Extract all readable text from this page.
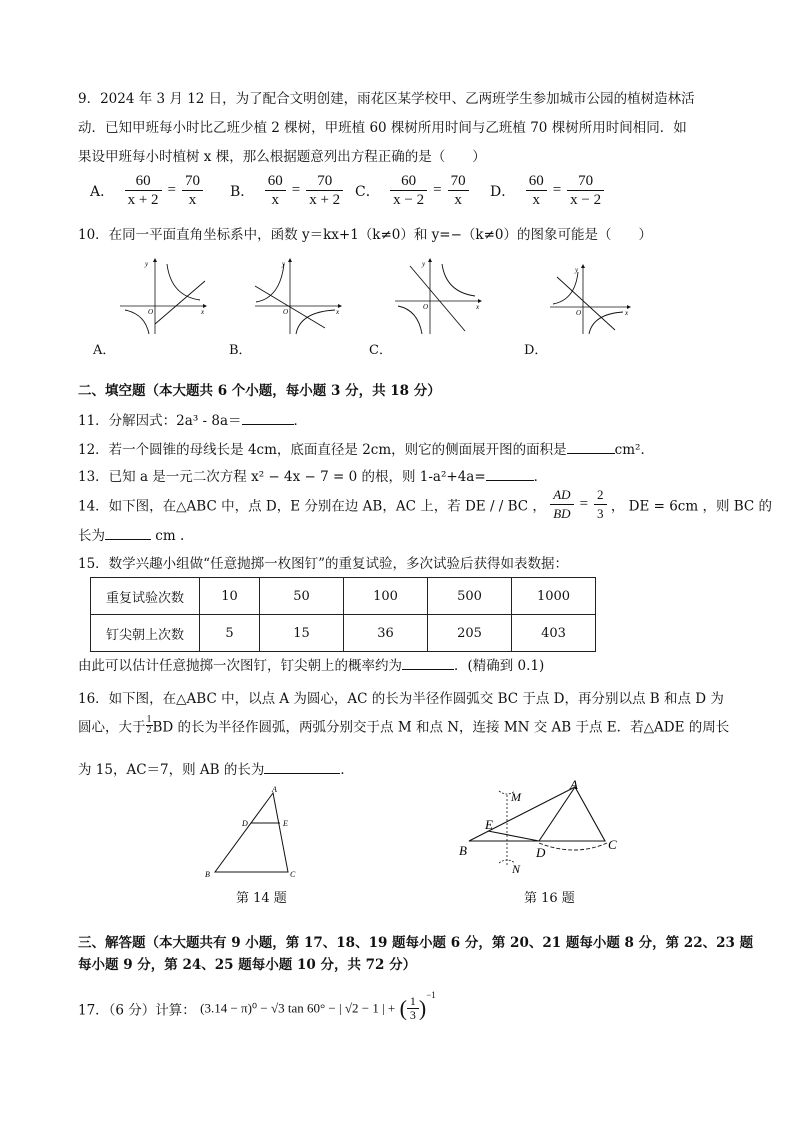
9．2024 年 3 月 12 日，为了配合文明创建，雨花区某学校甲、乙两班学生参加城市公园的植树造林活
动．已知甲班每小时比乙班少植 2 棵树，甲班植 60 棵树所用时间与乙班植 70 棵树所用时间相同．如
果设甲班每小时植树 x 棵，那么根据题意列出方程正确的是（　　）
A． $\frac{60}{x + 2} = \frac{70}{x}$ B． $\frac{60}{x} = \frac{70}{x + 2}$ C． $\frac{60}{x - 2} = \frac{70}{x}$ D． $\frac{60}{x} = \frac{70}{x - 2}$
10．在同一平面直角坐标系中，函数 y＝kx+1（k≠0）和 y=−（k≠0）的图象可能是（　　）
y
x
O
A．
y
x
O
B．
y
x
O
C．
y
x
O
D．
二、填空题（本大题共 6 个小题，每小题 3 分，共 18 分）
11．分解因式：2a³ - 8a＝	．
12．若一个圆锥的母线长是 4cm，底面直径是 2cm，则它的侧面展开图的面积是	cm²．
13．已知 a 是一元二次方程 x² − 4x − 7 = 0 的根，则 1-a²+4a=	．
14．如下图，在△ABC 中，点 D，E 分别在边 AB，AC 上，若 DE / / BC ， $\frac{AD}{BD} = \frac{2}{3}$ ， DE = 6cm ，则 BC 的
长为	cm .
15．数学兴趣小组做“任意抛掷一枚图钉”的重复试验，多次试验后获得如表数据：
重复试验次数	10	50	100	500	1000
钉尖朝上次数	5	15	36	205	403
由此可以估计任意抛掷一次图钉，钉尖朝上的概率约为	．(精确到 0.1)
16．如下图，在△ABC 中，以点 A 为圆心，AC 的长为半径作圆弧交 BC 于点 D，再分别以点 B 和点 D 为
圆心，大于 $\frac{1}{2}$ BD 的长为半径作圆弧，两弧分别交于点 M 和点 N，连接 MN 交 AB 于点 E．若△ADE 的周长
为 15，AC＝7，则 AB 的长为	．
A
B	C
D	E
第 14 题
A
B	C
D
E
M
N
第 16 题
三、解答题（本大题共有 9 小题，第 17、18、19 题每小题 6 分，第 20、21 题每小题 8 分，第 22、23 题
每小题 9 分，第 24、25 题每小题 10 分，共 72 分）
17．（6 分）计算： (3.14 − π)⁰ − √3 tan 60° − | √2 − 1 | + ( $\frac{1}{3} )^{-1}$
